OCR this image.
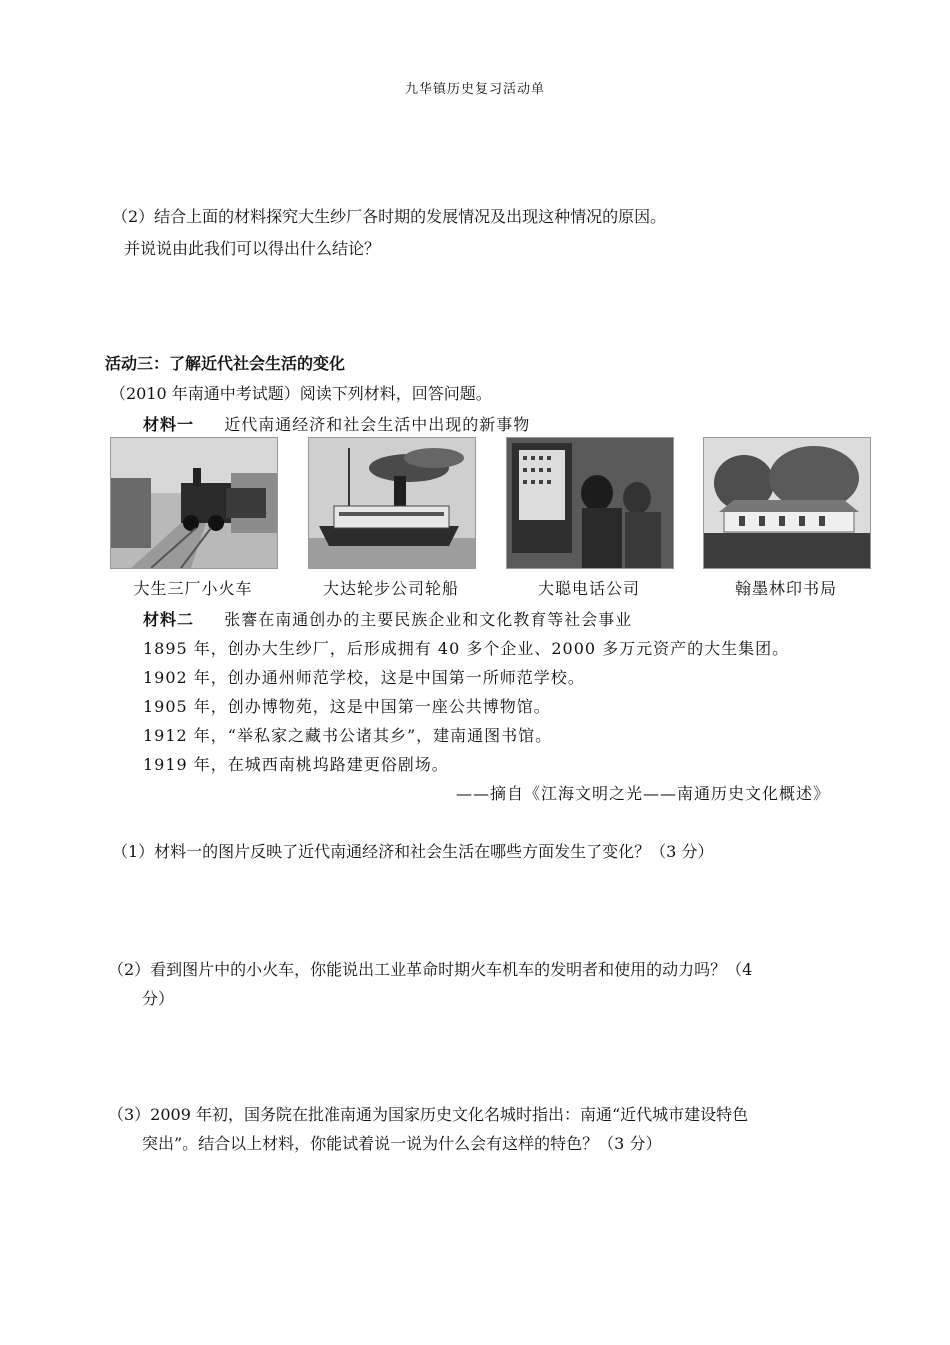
九华镇历史复习活动单
（2）结合上面的材料探究大生纱厂各时期的发展情况及出现这种情况的原因。
并说说由此我们可以得出什么结论？
活动三：了解近代社会生活的变化
（2010 年南通中考试题）阅读下列材料，回答问题。
材料一 近代南通经济和社会生活中出现的新事物
大生三厂小火车	大达轮步公司轮船	大聪电话公司	翰墨林印书局
材料二 张謇在南通创办的主要民族企业和文化教育等社会事业
1895 年，创办大生纱厂，后形成拥有 40 多个企业、2000 多万元资产的大生集团。
1902 年，创办通州师范学校，这是中国第一所师范学校。
1905 年，创办博物苑，这是中国第一座公共博物馆。
1912 年，“举私家之藏书公诸其乡”，建南通图书馆。
1919 年，在城西南桃坞路建更俗剧场。
——摘自《江海文明之光——南通历史文化概述》
（1）材料一的图片反映了近代南通经济和社会生活在哪些方面发生了变化？（3 分）
（2）看到图片中的小火车，你能说出工业革命时期火车机车的发明者和使用的动力吗？（4
分）
（3）2009 年初，国务院在批准南通为国家历史文化名城时指出：南通“近代城市建设特色
突出”。结合以上材料，你能试着说一说为什么会有这样的特色？（3 分）
